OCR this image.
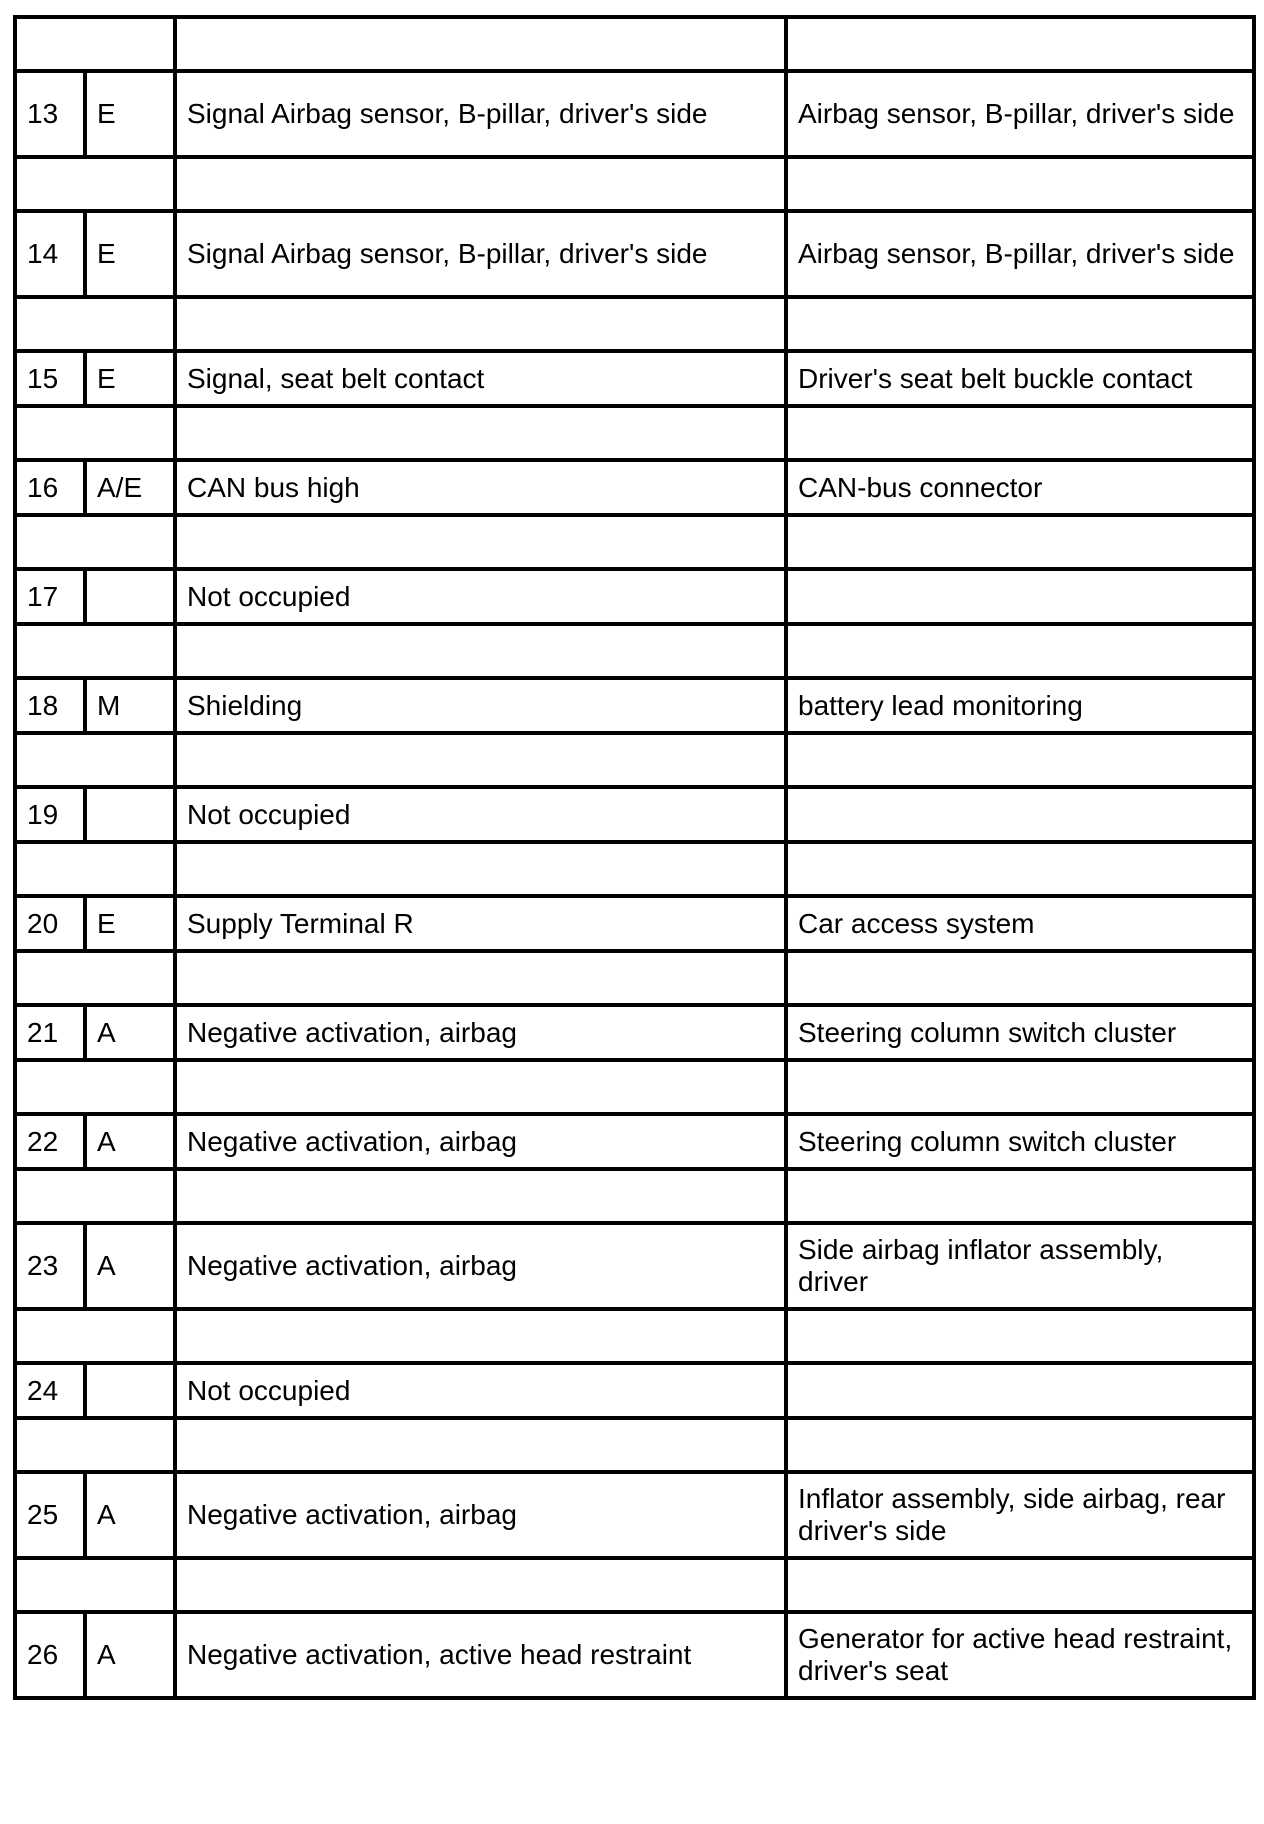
13	E	Signal Airbag sensor, B-pillar, driver's side	Airbag sensor, B-pillar, driver's side

14	E	Signal Airbag sensor, B-pillar, driver's side	Airbag sensor, B-pillar, driver's side

15	E	Signal, seat belt contact	Driver's seat belt buckle contact

16	A/E	CAN bus high	CAN-bus connector

17		Not occupied	

18	M	Shielding	battery lead monitoring

19		Not occupied	

20	E	Supply Terminal R	Car access system

21	A	Negative activation, airbag	Steering column switch cluster

22	A	Negative activation, airbag	Steering column switch cluster

23	A	Negative activation, airbag	Side airbag inflator assembly, driver

24		Not occupied	

25	A	Negative activation, airbag	Inflator assembly, side airbag, rear driver's side

26	A	Negative activation, active head restraint	Generator for active head restraint, driver's seat
